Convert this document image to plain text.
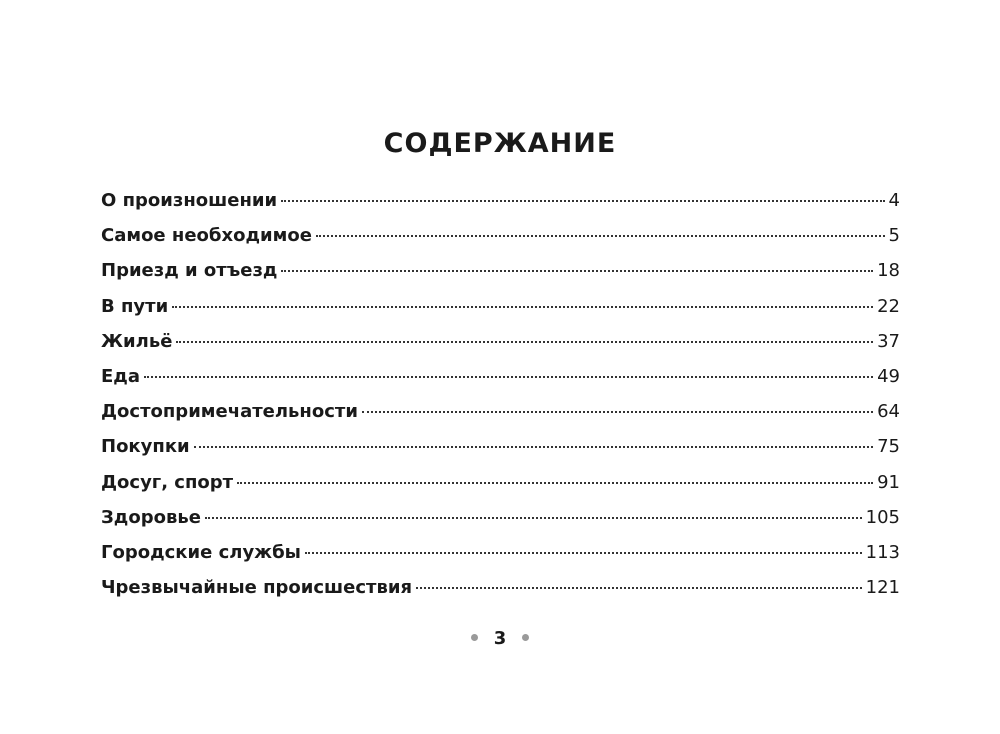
СОДЕРЖАНИЕ
О произношении	4
Самое необходимое	5
Приезд и отъезд	18
В пути	22
Жильё	37
Еда	49
Достопримечательности	64
Покупки	75
Досуг, спорт	91
Здоровье	105
Городские службы	113
Чрезвычайные происшествия	121
3
